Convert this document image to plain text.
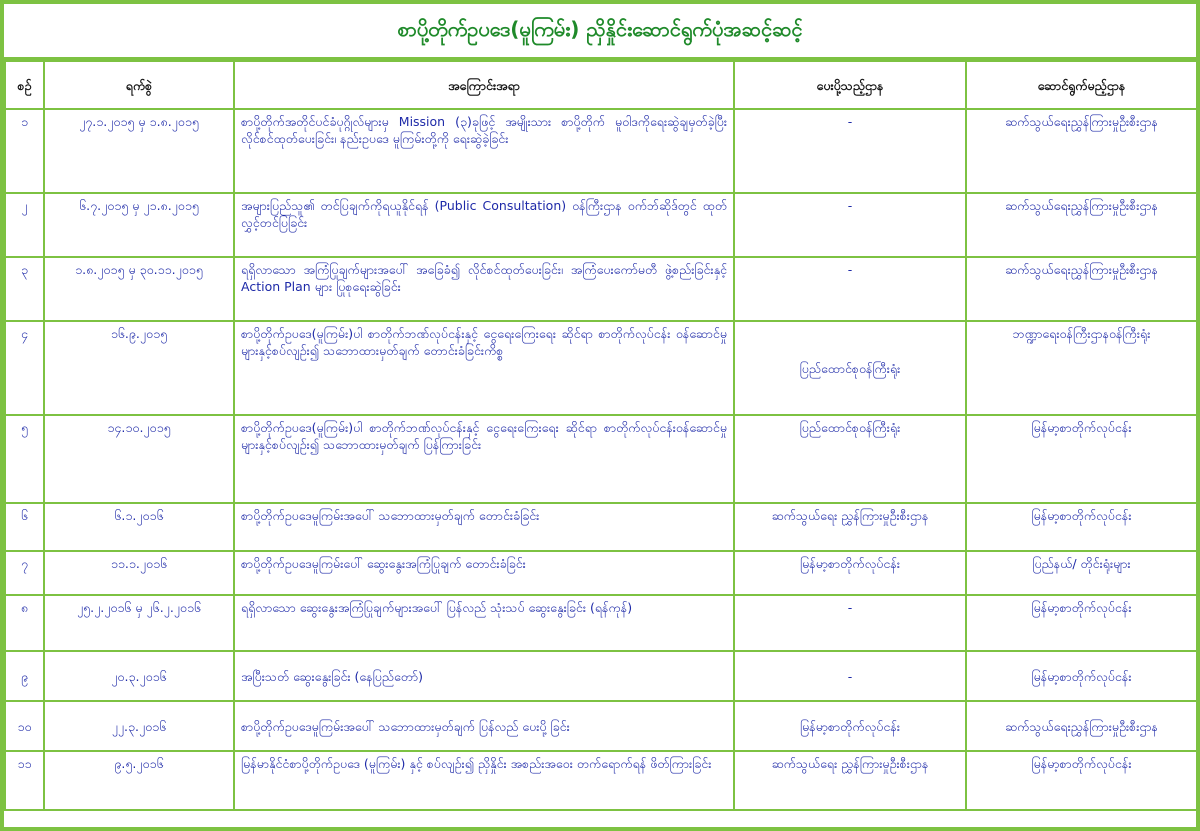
စာပို့တိုက်ဥပဒေ(မူကြမ်း) ညှိနှိုင်းဆောင်ရွက်ပုံအဆင့်ဆင့်
စဉ်	ရက်စွဲ	အကြောင်းအရာ	ပေးပို့သည့်ဌာန	ဆောင်ရွက်မည့်ဌာန
၁	၂၇.၁.၂၀၁၅ မှ ၁.၈.၂၀၁၅	စာပို့တိုက်အတိုင်ပင်ခံပုဂ္ဂိုလ်များမှ Mission (၃)ခုဖြင့် အမျိုးသား စာပို့တိုက် မူဝါဒကိုရေးဆွဲချမှတ်ခဲ့ပြီး လိုင်စင်ထုတ်ပေးခြင်း၊ နည်းဥပဒေ မူကြမ်းတို့ကို ရေးဆွဲခဲ့ခြင်း	-	ဆက်သွယ်ရေးညွှန်ကြားမှုဦးစီးဌာန
၂	၆.၇.၂၀၁၅ မှ ၂၁.၈.၂၀၁၅	အများပြည်သူ၏ တင်ပြချက်ကိုရယူနိုင်ရန် (Public Consultation) ဝန်ကြီးဌာန ဝက်ဘ်ဆိုဒ်တွင် ထုတ်လွှင့်တင်ပြခြင်း	-	ဆက်သွယ်ရေးညွှန်ကြားမှုဦးစီးဌာန
၃	၁.၈.၂၀၁၅ မှ ၃၀.၁၁.၂၀၁၅	ရရှိလာသော အကြံပြုချက်များအပေါ် အခြေခံ၍ လိုင်စင်ထုတ်ပေးခြင်း၊ အကြံပေးကော်မတီ ဖွဲ့စည်းခြင်းနှင့် Action Plan များ ပြုစုရေးဆွဲခြင်း	-	ဆက်သွယ်ရေးညွှန်ကြားမှုဦးစီးဌာန
၄	၁၆.၉.၂၀၁၅	စာပို့တိုက်ဥပဒေ(မူကြမ်း)ပါ စာတိုက်ဘဏ်လုပ်ငန်းနှင့် ငွေရေးကြေးရေး ဆိုင်ရာ စာတိုက်လုပ်ငန်း ဝန်ဆောင်မှုများနှင့်စပ်လျဉ်း၍ သဘောထားမှတ်ချက် တောင်းခံခြင်းကိစ္စ	ပြည်ထောင်စုဝန်ကြီးရုံး	ဘဏ္ဍာရေးဝန်ကြီးဌာနဝန်ကြီးရုံး
၅	၁၄.၁၀.၂၀၁၅	စာပို့တိုက်ဥပဒေ(မူကြမ်း)ပါ စာတိုက်ဘဏ်လုပ်ငန်းနှင့် ငွေရေးကြေးရေး ဆိုင်ရာ စာတိုက်လုပ်ငန်းဝန်ဆောင်မှုများနှင့်စပ်လျဉ်း၍ သဘောထားမှတ်ချက် ပြန်ကြားခြင်း	ပြည်ထောင်စုဝန်ကြီးရုံး	မြန်မာ့စာတိုက်လုပ်ငန်း
၆	၆.၁.၂၀၁၆	စာပို့တိုက်ဥပဒေမူကြမ်းအပေါ် သဘောထားမှတ်ချက် တောင်းခံခြင်း	ဆက်သွယ်ရေး ညွှန်ကြားမှုဦးစီးဌာန	မြန်မာ့စာတိုက်လုပ်ငန်း
၇	၁၁.၁.၂၀၁၆	စာပို့တိုက်ဥပဒေမူကြမ်းပေါ် ဆွေးနွေးအကြံပြုချက် တောင်းခံခြင်း	မြန်မာ့စာတိုက်လုပ်ငန်း	ပြည်နယ်/ တိုင်းရုံးများ
၈	၂၅.၂.၂၀၁၆ မှ ၂၆.၂.၂၀၁၆	ရရှိလာသော ဆွေးနွေးအကြံပြုချက်များအပေါ် ပြန်လည် သုံးသပ် ဆွေးနွေးခြင်း (ရန်ကုန်)	-	မြန်မာ့စာတိုက်လုပ်ငန်း
၉	၂၀.၃.၂၀၁၆	အပြီးသတ် ဆွေးနွေးခြင်း (နေပြည်တော်)	-	မြန်မာ့စာတိုက်လုပ်ငန်း
၁၀	၂၂.၃.၂၀၁၆	စာပို့တိုက်ဥပဒေမူကြမ်းအပေါ် သဘောထားမှတ်ချက် ပြန်လည် ပေးပို့ ခြင်း	မြန်မာ့စာတိုက်လုပ်ငန်း	ဆက်သွယ်ရေးညွှန်ကြားမှုဦးစီးဌာန
၁၁	၉.၅.၂၀၁၆	မြန်မာနိုင်ငံစာပို့တိုက်ဥပဒေ (မူကြမ်း) နှင့် စပ်လျဉ်း၍ ညှိနှိုင်း အစည်းအဝေး တက်ရောက်ရန် ဖိတ်ကြားခြင်း	ဆက်သွယ်ရေး ညွှန်ကြားမှုဦးစီးဌာန	မြန်မာ့စာတိုက်လုပ်ငန်း
